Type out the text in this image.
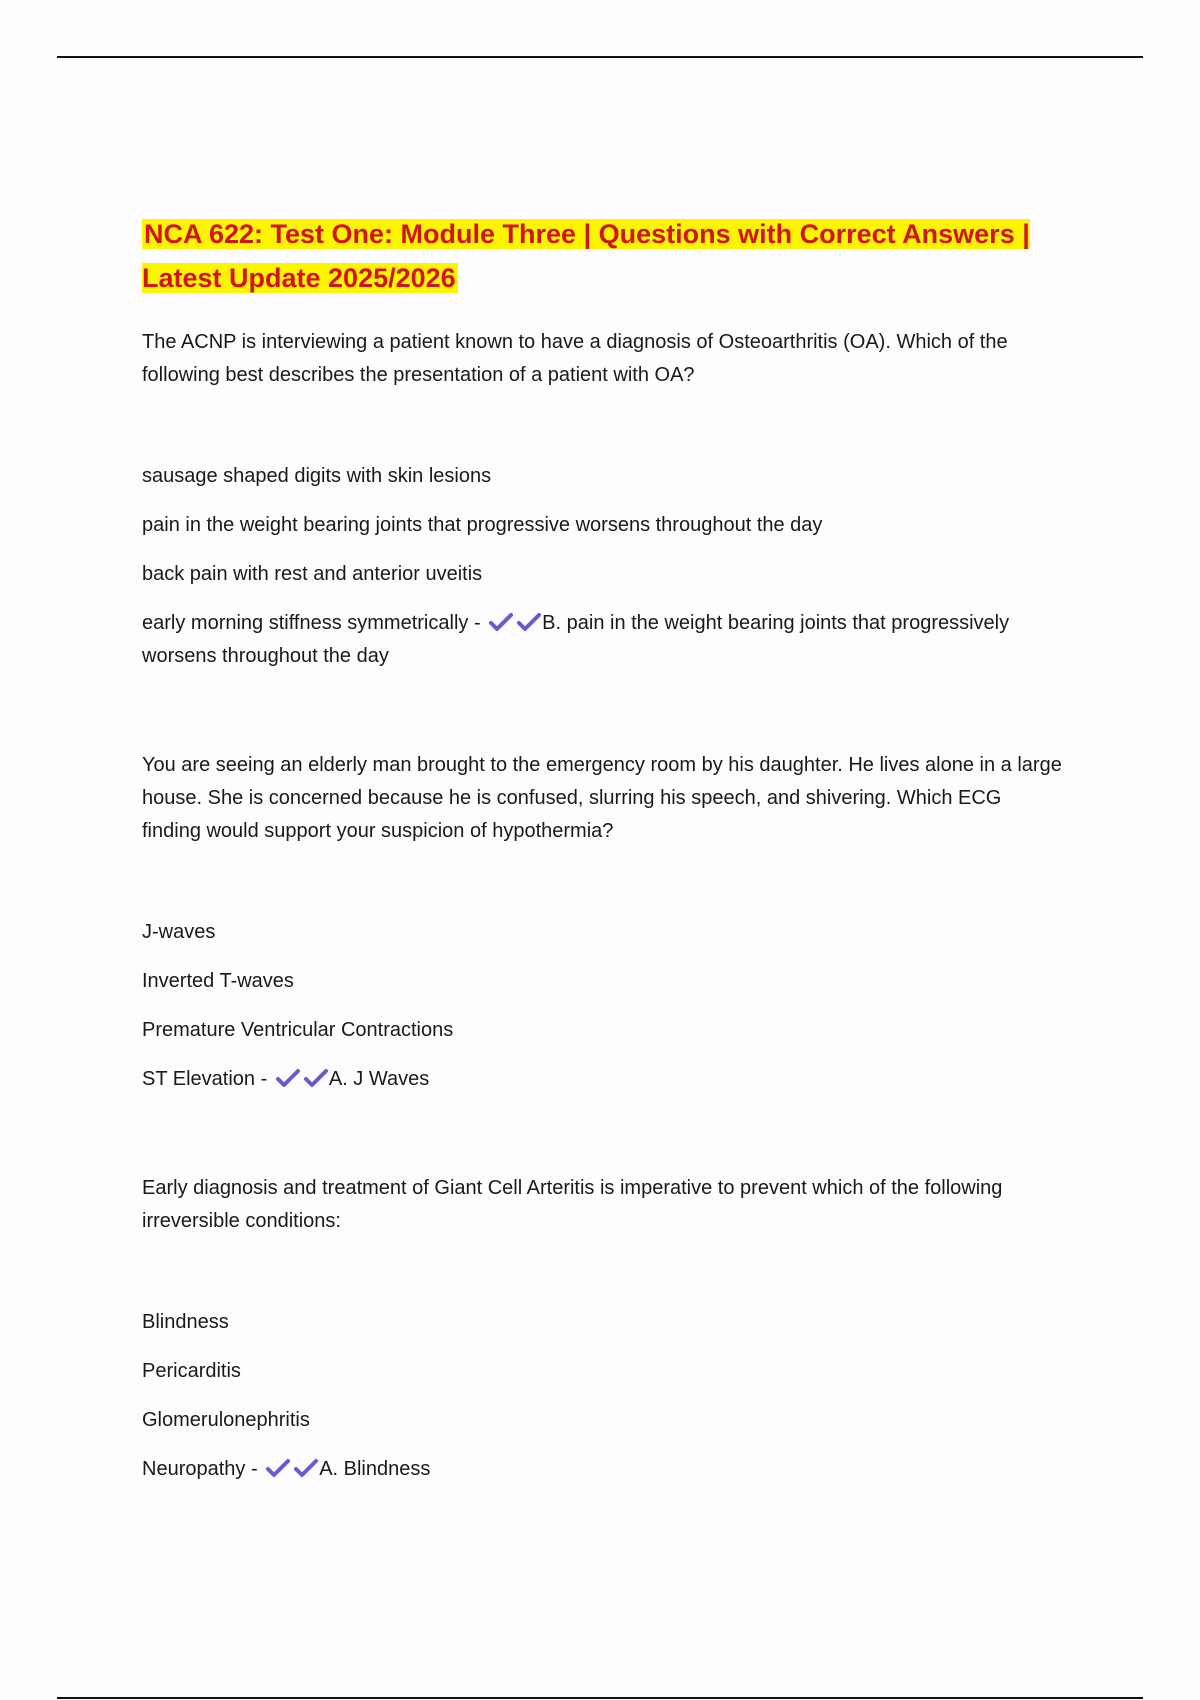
NCA 622: Test One: Module Three | Questions with Correct Answers | Latest Update 2025/2026
The ACNP is interviewing a patient known to have a diagnosis of Osteoarthritis (OA). Which of the following best describes the presentation of a patient with OA?
sausage shaped digits with skin lesions
pain in the weight bearing joints that progressive worsens throughout the day
back pain with rest and anterior uveitis
early morning stiffness symmetrically -	B. pain in the weight bearing joints that progressively worsens throughout the day
You are seeing an elderly man brought to the emergency room by his daughter. He lives alone in a large house. She is concerned because he is confused, slurring his speech, and shivering. Which ECG finding would support your suspicion of hypothermia?
J-waves
Inverted T-waves
Premature Ventricular Contractions
ST Elevation -	A. J Waves
Early diagnosis and treatment of Giant Cell Arteritis is imperative to prevent which of the following irreversible conditions:
Blindness
Pericarditis
Glomerulonephritis
Neuropathy -	A. Blindness
